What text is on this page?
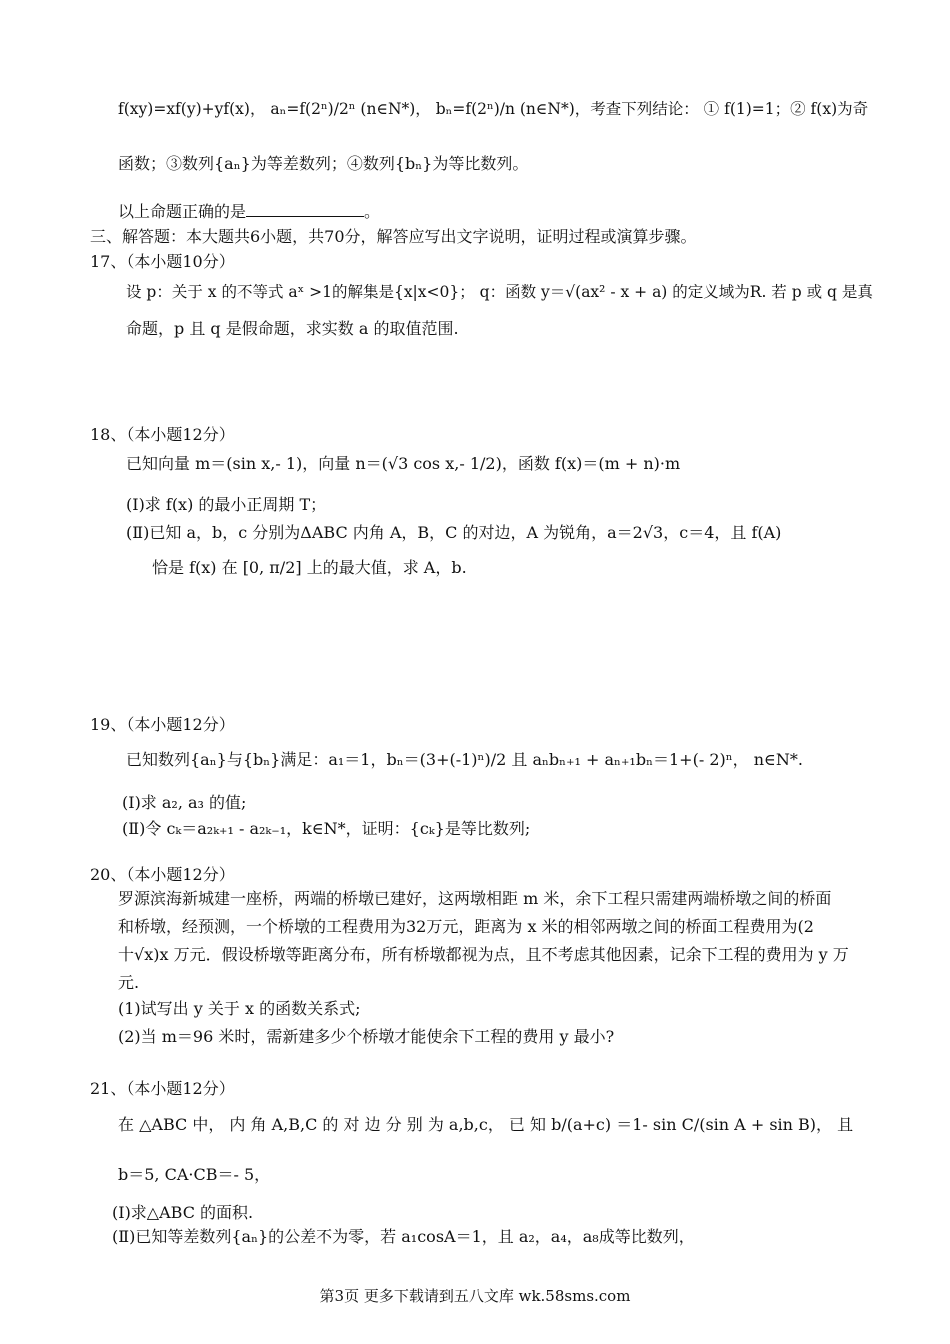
f(xy)=xf(y)+yf(x)， aₙ=f(2ⁿ)/2ⁿ (n∈N*)， bₙ=f(2ⁿ)/n (n∈N*)，考查下列结论： ① f(1)=1；② f(x)为奇
函数；③数列{aₙ}为等差数列；④数列{bₙ}为等比数列。
以上命题正确的是	。
三、解答题：本大题共6小题，共70分，解答应写出文字说明，证明过程或演算步骤。
17、（本小题10分）
设 p：关于 x 的不等式 aˣ >1的解集是{x|x<0}； q：函数 y＝√(ax² - x + a) 的定义域为R. 若 p 或 q 是真
命题，p 且 q 是假命题，求实数 a 的取值范围.
18、（本小题12分）
已知向量 m＝(sin x,- 1)，向量 n＝(√3 cos x,- 1/2)，函数 f(x)＝(m + n)·m
(Ⅰ)求 f(x) 的最小正周期 T；
(Ⅱ)已知 a，b，c 分别为ΔABC 内角 A，B，C 的对边，A 为锐角，a＝2√3，c＝4，且 f(A)
恰是 f(x) 在 [0, π/2] 上的最大值，求 A，b.
19、（本小题12分）
已知数列{aₙ}与{bₙ}满足：a₁＝1，bₙ＝(3+(-1)ⁿ)/2 且 aₙbₙ₊₁ + aₙ₊₁bₙ＝1+(- 2)ⁿ， n∈N*.
(Ⅰ)求 a₂, a₃ 的值;
(Ⅱ)令 cₖ＝a₂ₖ₊₁ - a₂ₖ₋₁，k∈N*，证明：{cₖ}是等比数列;
20、（本小题12分）
罗源滨海新城建一座桥，两端的桥墩已建好，这两墩相距 m 米，余下工程只需建两端桥墩之间的桥面
和桥墩，经预测，一个桥墩的工程费用为32万元，距离为 x 米的相邻两墩之间的桥面工程费用为(2
十√x)x 万元．假设桥墩等距离分布，所有桥墩都视为点，且不考虑其他因素，记余下工程的费用为 y 万
元.
(1)试写出 y 关于 x 的函数关系式;
(2)当 m＝96 米时，需新建多少个桥墩才能使余下工程的费用 y 最小?
21、（本小题12分）
在 △ABC 中， 内 角 A,B,C 的 对 边 分 别 为 a,b,c， 已 知 b/(a+c) ＝1- sin C/(sin A + sin B)， 且
b＝5, CA·CB＝- 5，
(Ⅰ)求△ABC 的面积.
(Ⅱ)已知等差数列{aₙ}的公差不为零，若 a₁cosA＝1，且 a₂，a₄，a₈成等比数列，
第3页 更多下载请到五八文库 wk.58sms.com
